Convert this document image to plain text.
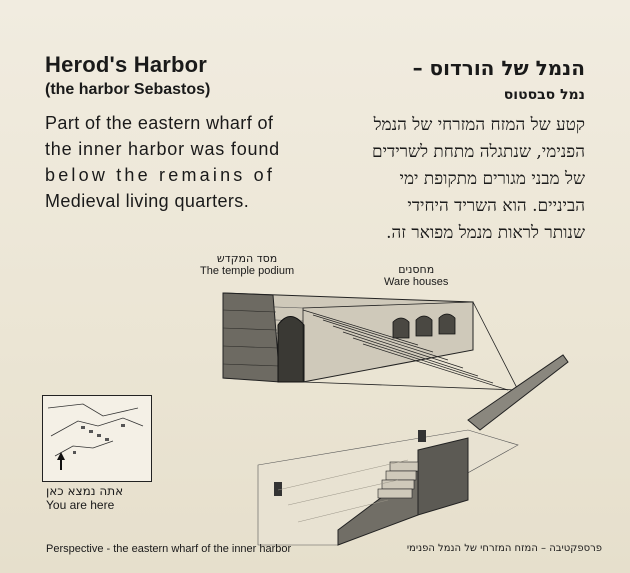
Herod's Harbor
(the harbor Sebastos)
Part of the eastern wharf of
the inner harbor was found
below the remains of
Medieval living quarters.
הנמל של הורדוס –
נמל סבסטוס
קטע של המזח המזרחי של הנמל
הפנימי, שנתגלה מתחת לשרידים
של מבני מגורים מתקופת ימי
הביניים. הוא השריד היחידי
שנותר לראות מנמל מפואר זה.
מסד המקדש
The temple podium	מחסנים
Ware houses
אתה נמצא כאן
You are here
Perspective - the eastern wharf of the inner harbor	פרספקטיבה – המזח המזרחי של הנמל הפנימי
